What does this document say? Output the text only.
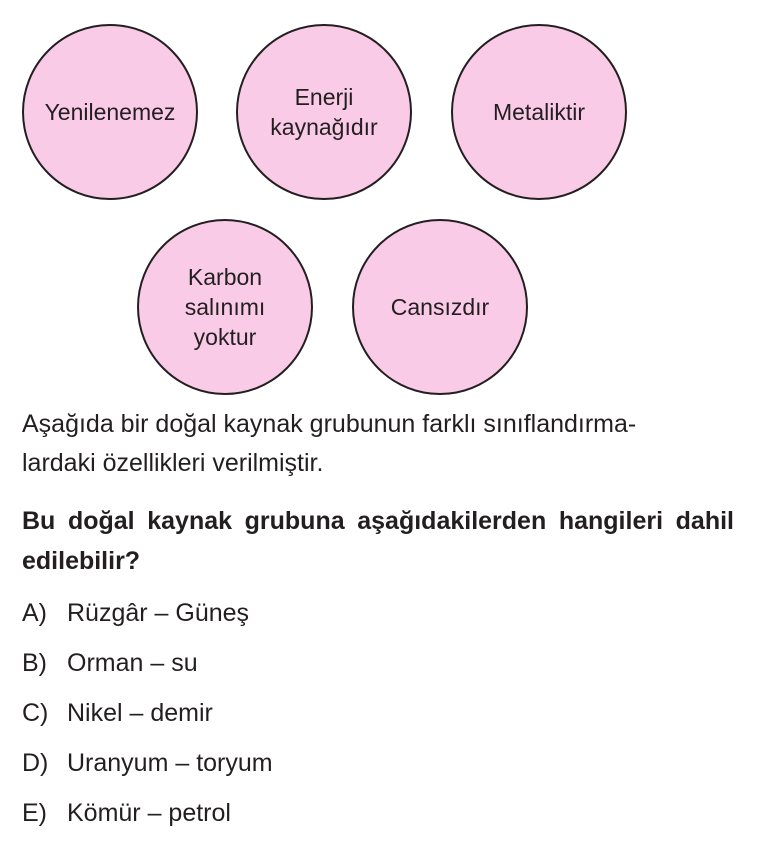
Yenilenemez
Enerji
kaynağıdır
Metaliktir
Karbon
salınımı
yoktur
Cansızdır

Aşağıda bir doğal kaynak grubunun farklı sınıflandırma-
lardaki özellikleri verilmiştir.

Bu doğal kaynak grubuna aşağıdakilerden hangileri dahil edilebilir?

A) Rüzgâr – Güneş
B) Orman – su
C) Nikel – demir
D) Uranyum – toryum
E) Kömür – petrol
